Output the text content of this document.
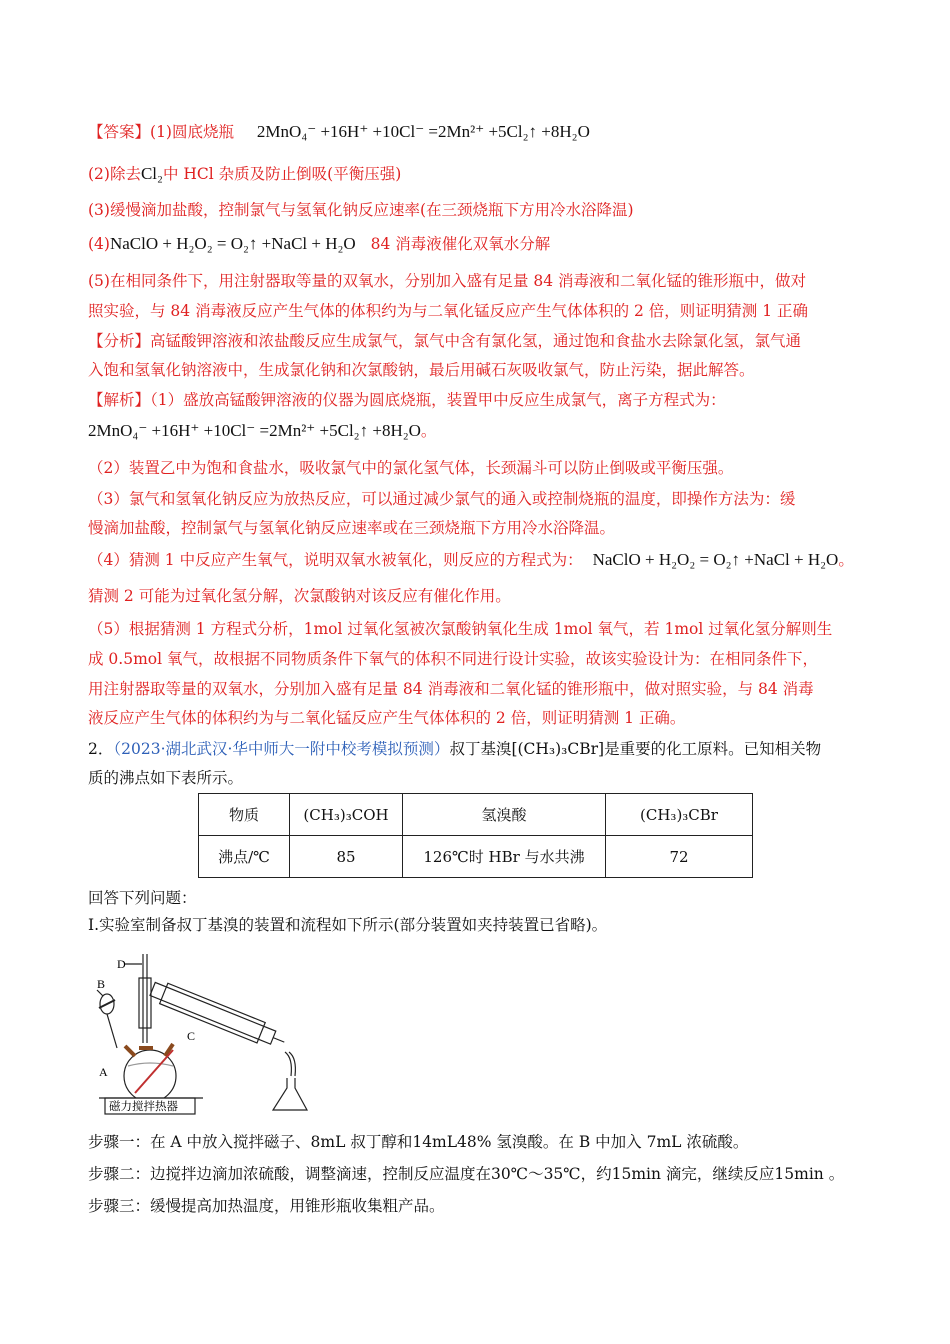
【答案】(1)圆底烧瓶 2MnO₄⁻ +16H⁺ +10Cl⁻ =2Mn²⁺ +5Cl₂↑ +8H₂O
(2)除去Cl₂中 HCl 杂质及防止倒吸(平衡压强)
(3)缓慢滴加盐酸，控制氯气与氢氧化钠反应速率(在三颈烧瓶下方用冷水浴降温)
(4)NaClO + H₂O₂ = O₂↑ +NaCl + H₂O 84 消毒液催化双氧水分解
(5)在相同条件下，用注射器取等量的双氧水，分别加入盛有足量 84 消毒液和二氧化锰的锥形瓶中，做对
照实验，与 84 消毒液反应产生气体的体积约为与二氧化锰反应产生气体体积的 2 倍，则证明猜测 1 正确
【分析】高锰酸钾溶液和浓盐酸反应生成氯气，氯气中含有氯化氢，通过饱和食盐水去除氯化氢，氯气通
入饱和氢氧化钠溶液中，生成氯化钠和次氯酸钠，最后用碱石灰吸收氯气，防止污染，据此解答。
【解析】（1）盛放高锰酸钾溶液的仪器为圆底烧瓶，装置甲中反应生成氯气，离子方程式为：
2MnO₄⁻ +16H⁺ +10Cl⁻ =2Mn²⁺ +5Cl₂↑ +8H₂O。
（2）装置乙中为饱和食盐水，吸收氯气中的氯化氢气体，长颈漏斗可以防止倒吸或平衡压强。
（3）氯气和氢氧化钠反应为放热反应，可以通过减少氯气的通入或控制烧瓶的温度，即操作方法为：缓
慢滴加盐酸，控制氯气与氢氧化钠反应速率或在三颈烧瓶下方用冷水浴降温。
（4）猜测 1 中反应产生氧气，说明双氧水被氧化，则反应的方程式为： NaClO + H₂O₂ = O₂↑ +NaCl + H₂O。
猜测 2 可能为过氧化氢分解，次氯酸钠对该反应有催化作用。
（5）根据猜测 1 方程式分析，1mol 过氧化氢被次氯酸钠氧化生成 1mol 氧气，若 1mol 过氧化氢分解则生
成 0.5mol 氧气，故根据不同物质条件下氧气的体积不同进行设计实验，故该实验设计为：在相同条件下，
用注射器取等量的双氧水，分别加入盛有足量 84 消毒液和二氧化锰的锥形瓶中，做对照实验，与 84 消毒
液反应产生气体的体积约为与二氧化锰反应产生气体体积的 2 倍，则证明猜测 1 正确。
2．（2023·湖北武汉·华中师大一附中校考模拟预测）叔丁基溴[(CH₃)₃CBr]是重要的化工原料。已知相关物
质的沸点如下表所示。
物质	(CH₃)₃COH	氢溴酸	(CH₃)₃CBr
沸点/℃	85	126℃时 HBr 与水共沸	72
回答下列问题：
I.实验室制备叔丁基溴的装置和流程如下所示(部分装置如夹持装置已省略)。
D
B
C
A
磁力搅拌热器
步骤一：在 A 中放入搅拌磁子、8mL 叔丁醇和14mL48% 氢溴酸。在 B 中加入 7mL 浓硫酸。
步骤二：边搅拌边滴加浓硫酸，调整滴速，控制反应温度在30℃～35℃，约15min 滴完，继续反应15min 。
步骤三：缓慢提高加热温度，用锥形瓶收集粗产品。
